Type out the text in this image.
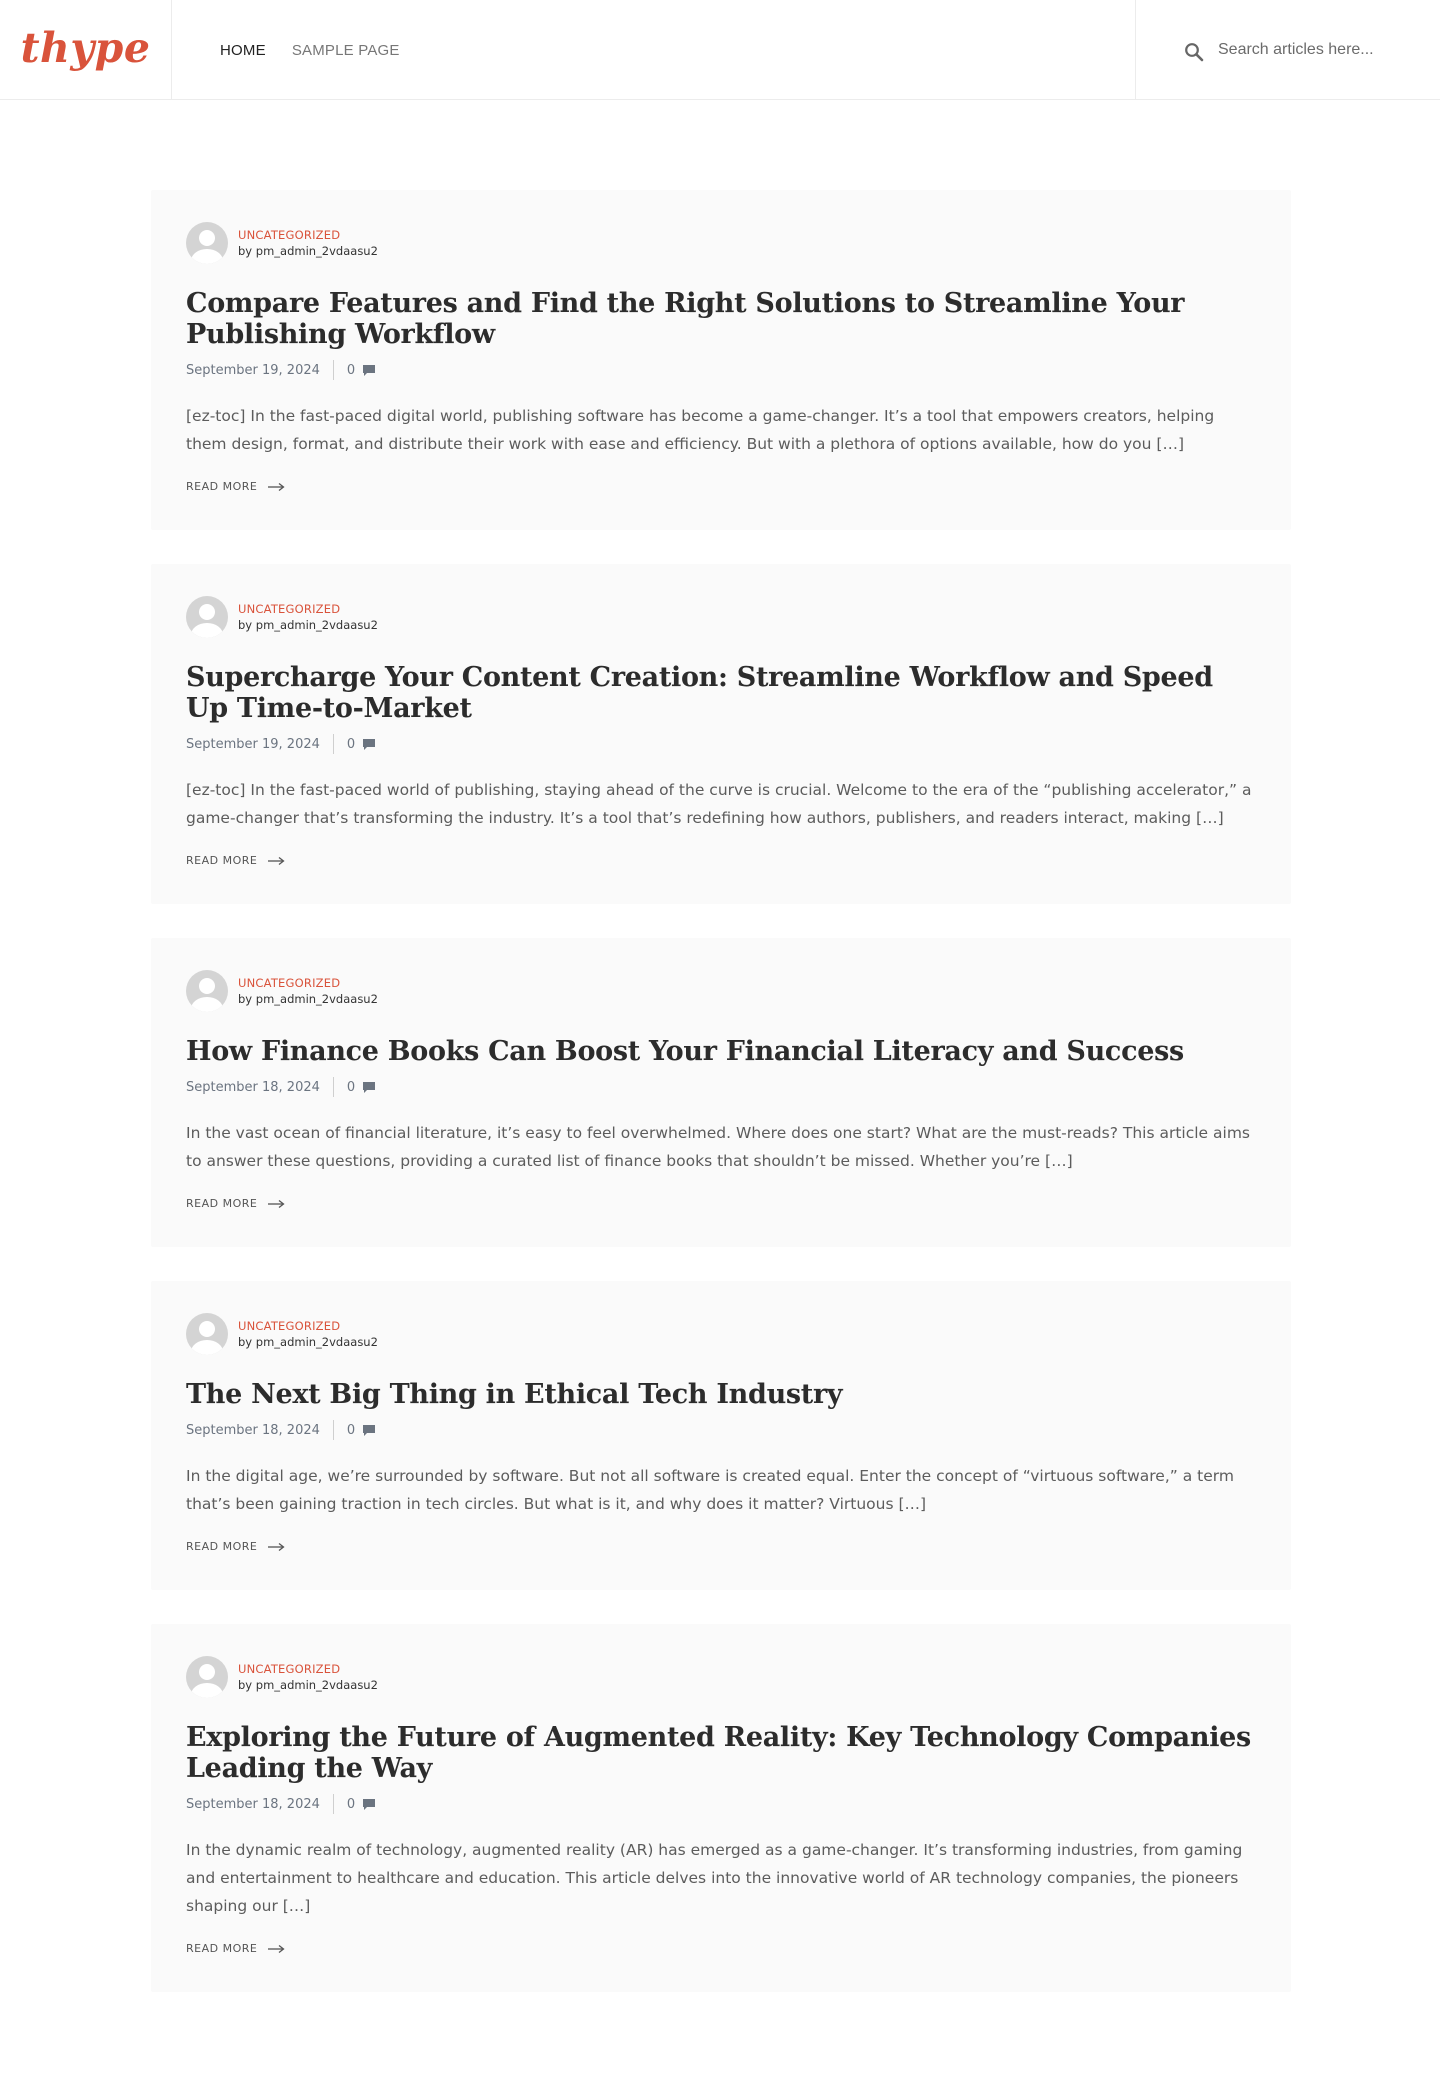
thype	HOME SAMPLE PAGE
Search articles here...
UNCATEGORIZED
by pm_admin_2vdaasu2
Compare Features and Find the Right Solutions to Streamline Your Publishing Workflow
September 19, 2024 0

[ez-toc] In the fast-paced digital world, publishing software has become a game-changer. It’s a tool that empowers creators, helping them design, format, and distribute their work with ease and efficiency. But with a plethora of options available, how do you […]

READ MORE
UNCATEGORIZED
by pm_admin_2vdaasu2
Supercharge Your Content Creation: Streamline Workflow and Speed Up Time-to-Market
September 19, 2024 0

[ez-toc] In the fast-paced world of publishing, staying ahead of the curve is crucial. Welcome to the era of the “publishing accelerator,” a game-changer that’s transforming the industry. It’s a tool that’s redefining how authors, publishers, and readers interact, making […]

READ MORE
UNCATEGORIZED
by pm_admin_2vdaasu2
How Finance Books Can Boost Your Financial Literacy and Success
September 18, 2024 0

In the vast ocean of financial literature, it’s easy to feel overwhelmed. Where does one start? What are the must-reads? This article aims to answer these questions, providing a curated list of finance books that shouldn’t be missed. Whether you’re […]

READ MORE
UNCATEGORIZED
by pm_admin_2vdaasu2
The Next Big Thing in Ethical Tech Industry
September 18, 2024 0

In the digital age, we’re surrounded by software. But not all software is created equal. Enter the concept of “virtuous software,” a term that’s been gaining traction in tech circles. But what is it, and why does it matter? Virtuous […]

READ MORE
UNCATEGORIZED
by pm_admin_2vdaasu2
Exploring the Future of Augmented Reality: Key Technology Companies Leading the Way
September 18, 2024 0

In the dynamic realm of technology, augmented reality (AR) has emerged as a game-changer. It’s transforming industries, from gaming and entertainment to healthcare and education. This article delves into the innovative world of AR technology companies, the pioneers shaping our […]

READ MORE
